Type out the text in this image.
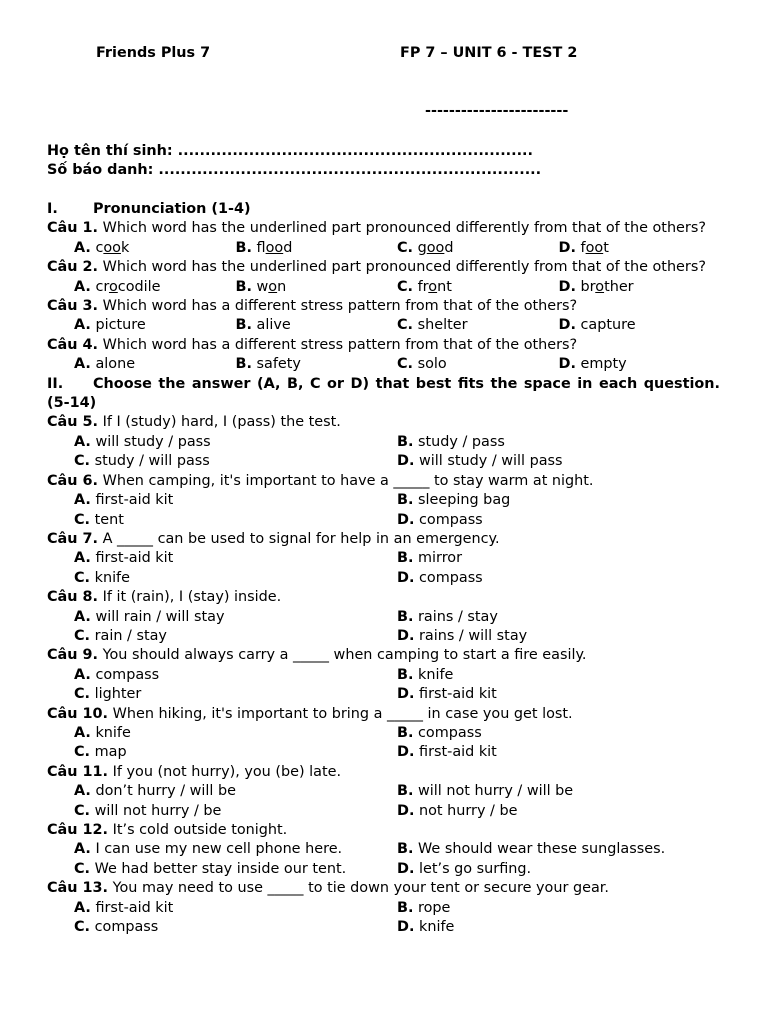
Friends Plus 7	FP 7 – UNIT 6 - TEST 2
------------------------
Họ tên thí sinh: .................................................................
Số báo danh: ......................................................................
I. Pronunciation (1-4)
Câu 1. Which word has the underlined part pronounced differently from that of the others?
A. cook	B. flood	C. good	D. foot
Câu 2. Which word has the underlined part pronounced differently from that of the others?
A. crocodile	B. won	C. front	D. brother
Câu 3. Which word has a different stress pattern from that of the others?
A. picture	B. alive	C. shelter	D. capture
Câu 4. Which word has a different stress pattern from that of the others?
A. alone	B. safety	C. solo	D. empty
II. Choose the answer (A, B, C or D) that best fits the space in each question. (5-14)
Câu 5. If I (study) hard, I (pass) the test.
A. will study / pass	B. study / pass
C. study / will pass	D. will study / will pass
Câu 6. When camping, it's important to have a _____ to stay warm at night.
A. first-aid kit	B. sleeping bag
C. tent	D. compass
Câu 7. A _____ can be used to signal for help in an emergency.
A. first-aid kit	B. mirror
C. knife	D. compass
Câu 8. If it (rain), I (stay) inside.
A. will rain / will stay	B. rains / stay
C. rain / stay	D. rains / will stay
Câu 9. You should always carry a _____ when camping to start a fire easily.
A. compass	B. knife
C. lighter	D. first-aid kit
Câu 10. When hiking, it's important to bring a _____ in case you get lost.
A. knife	B. compass
C. map	D. first-aid kit
Câu 11. If you (not hurry), you (be) late.
A. don’t hurry / will be	B. will not hurry / will be
C. will not hurry / be	D. not hurry / be
Câu 12. It’s cold outside tonight.
A. I can use my new cell phone here.	B. We should wear these sunglasses.
C. We had better stay inside our tent.	D. let’s go surfing.
Câu 13. You may need to use _____ to tie down your tent or secure your gear.
A. first-aid kit	B. rope
C. compass	D. knife
